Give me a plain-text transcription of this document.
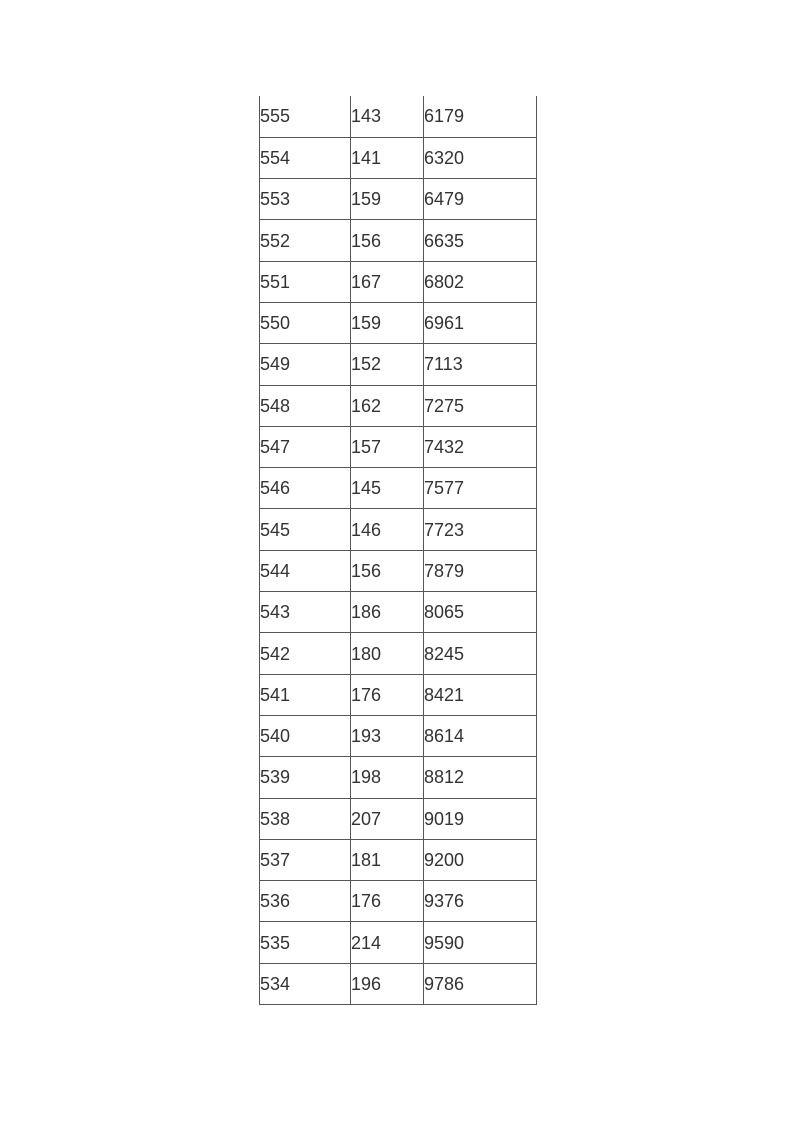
555	143	6179
554	141	6320
553	159	6479
552	156	6635
551	167	6802
550	159	6961
549	152	7113
548	162	7275
547	157	7432
546	145	7577
545	146	7723
544	156	7879
543	186	8065
542	180	8245
541	176	8421
540	193	8614
539	198	8812
538	207	9019
537	181	9200
536	176	9376
535	214	9590
534	196	9786
